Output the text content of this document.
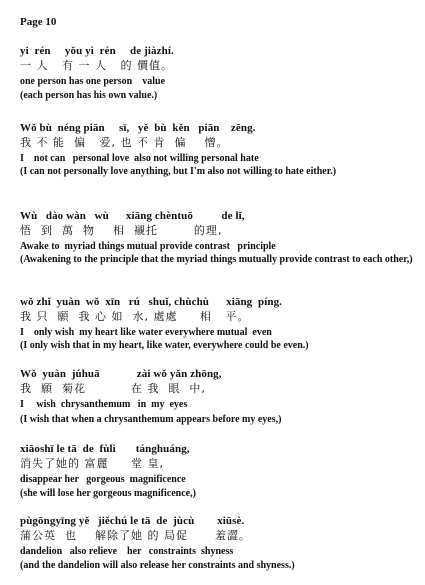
Page 10
yi  rén     yǒu yì  rén     de jiàzhí.
一 人   有 一 人   的 價值。
one person has one person    value
(each person has his own value.)
Wǒ bù  néng piān     sī,   yě  bù  kěn   piān    zēng.
我 不 能  偏   爱, 也 不 肯  偏    憎。
I    not can   personal love  also not willing personal hate
(I can not personally love anything, but I'm also not willing to hate either.)
Wù   dào wàn   wù      xiāng chèntuō          de lǐ,
悟  到  萬  物    相  襯托        的理,
Awake to  myriad things mutual provide contrast   principle
(Awakening to the principle that the myriad things mutually provide contrast to each other,)
wǒ zhǐ  yuàn  wǒ  xīn   rú   shuǐ, chùchù      xiāng  píng.
我 只  願  我 心 如  水, 處處     相   平。
I    only wish  my heart like water everywhere mutual  even
(I only wish that in my heart, like water, everywhere could be even.)
Wǒ  yuàn  júhuā             zài wǒ yǎn zhōng,
我  願  菊花          在 我  眼  中,
I     wish  chrysanthemum   in  my  eyes
(I wish that when a chrysanthemum appears before my eyes,)
xiāoshī le tā  de  fùlì       tánghuáng,
消失了她的 富麗     堂 皇,
disappear her   gorgeous  magnificence
(she will lose her gorgeous magnificence,)
pùgōngyīng yě   jiěchú le tā  de  jùcù        xiūsè.
蒲公英  也    解除了她 的 局促      羞澀。
dandelion   also relieve    her   constraints  shyness
(and the dandelion will also release her constraints and shyness.)
